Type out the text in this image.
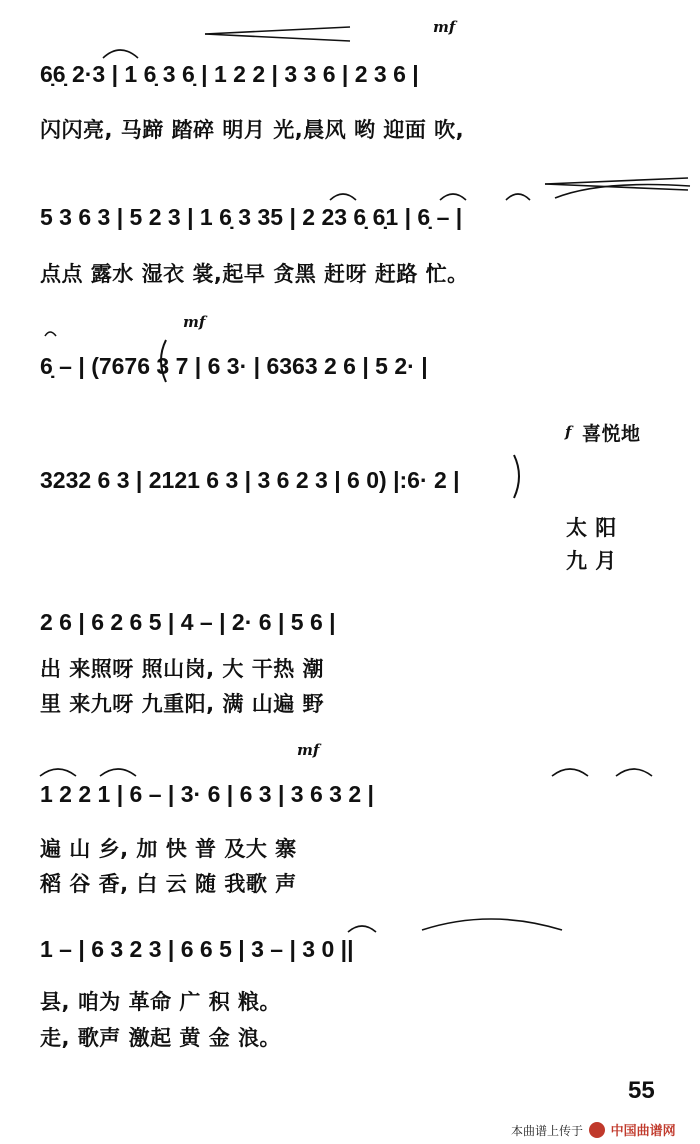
6̣6̣ 2·3 | 1 6̣ 3 6̣ | 1 2 2 | 3 3 6 | 2 3 6 |
闪闪亮, 马蹄 踏碎 明月 光,晨风 哟 迎面 吹,
mf
5 3 6 3 | 5 2 3 | 1 6̣ 3 35 | 2 23 6̣ 6̣1 | 6̣ – |
点点 露水 湿衣 裳,起早 贪黑 赶呀 赶路 忙。
6̣ – | (7676 3 7 | 6 3· | 6363 2 6 | 5 2· |
mf
f 喜悦地
3232 6 3 | 2121 6 3 | 3 6 2 3 | 6 0) |:6· 2 |
太 阳
九 月
2 6 | 6 2 6 5 | 4 – | 2· 6 | 5 6 |
出 来照呀 照山岗, 大 干热 潮
里 来九呀 九重阳, 满 山遍 野
mf
1 2 2 1 | 6 – | 3· 6 | 6 3 | 3 6 3 2 |
遍 山 乡, 加 快 普 及大 寨
稻 谷 香, 白 云 随 我歌 声
1 – | 6 3 2 3 | 6 6 5 | 3 – | 3 0 ||
县, 咱为 革命 广 积 粮。
走, 歌声 激起 黄 金 浪。
55
本曲谱上传于 中国曲谱网
